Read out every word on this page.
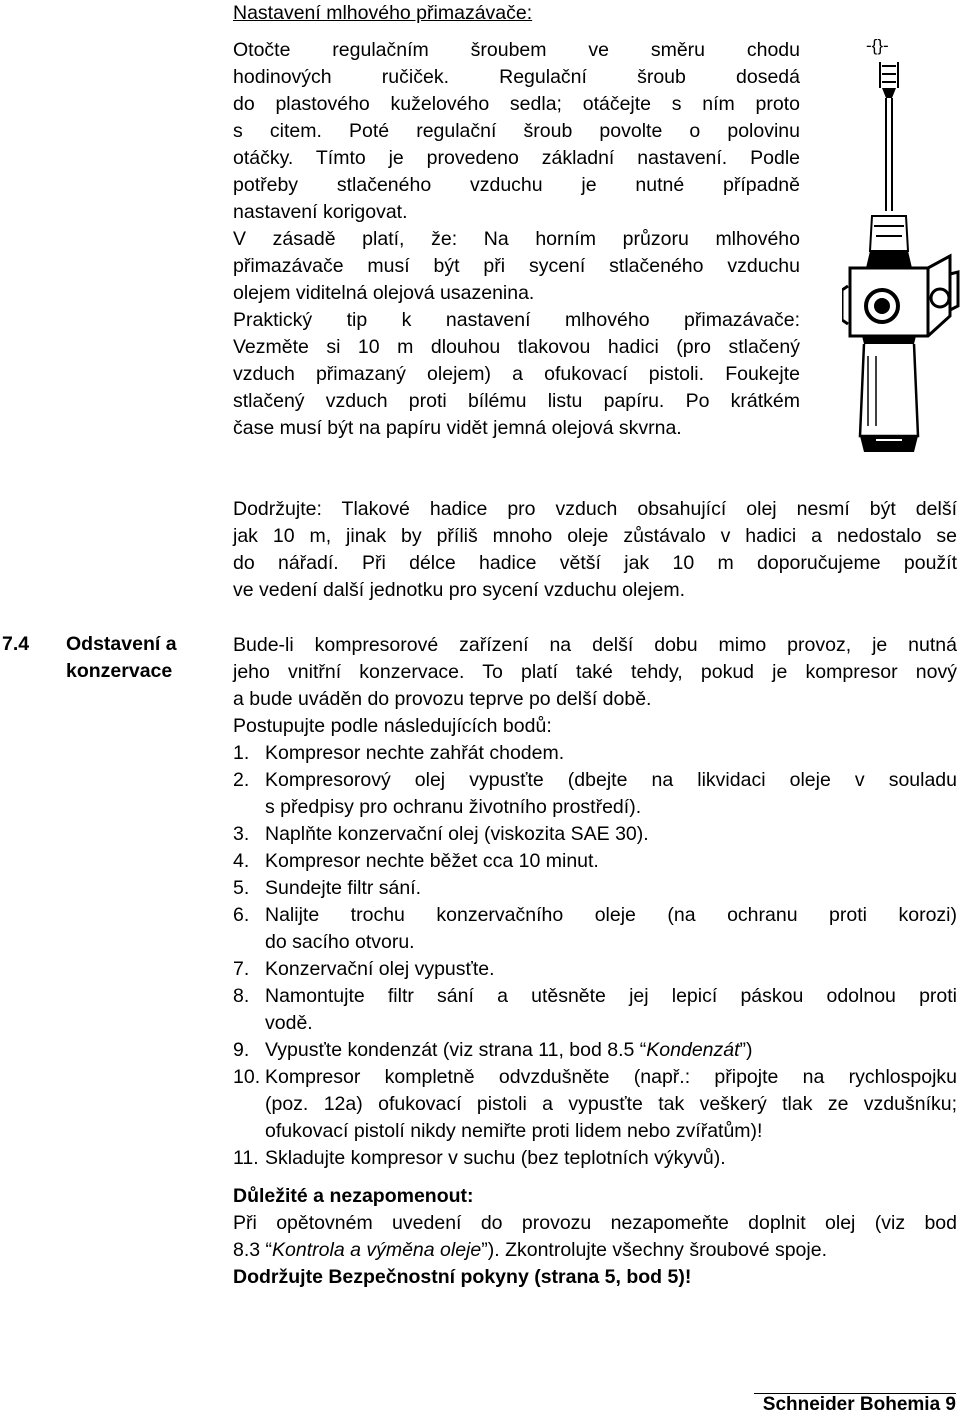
Nastavení mlhového přimazávače:
Otočte regulačním šroubem ve směru chodu
hodinových ručiček. Regulační šroub dosedá
do plastového kuželového sedla; otáčejte s ním proto
s citem. Poté regulační šroub povolte o polovinu
otáčky. Tímto je provedeno základní nastavení. Podle
potřeby stlačeného vzduchu je nutné případně
nastavení korigovat.
V zásadě platí, že: Na horním průzoru mlhového
přimazávače musí být při sycení stlačeného vzduchu
olejem viditelná olejová usazenina.
Praktický tip k nastavení mlhového přimazávače:
Vezměte si 10 m dlouhou tlakovou hadici (pro stlačený
vzduch přimazaný olejem) a ofukovací pistoli. Foukejte
stlačený vzduch proti bílému listu papíru. Po krátkém
čase musí být na papíru vidět jemná olejová skvrna.
-{}-
Dodržujte: Tlakové hadice pro vzduch obsahující olej nesmí být delší
jak 10 m, jinak by příliš mnoho oleje zůstávalo v hadici a nedostalo se
do nářadí. Při délce hadice větší jak 10 m doporučujeme použít
ve vedení další jednotku pro sycení vzduchu olejem.
7.4 Odstavení a
konzervace
Bude-li kompresorové zařízení na delší dobu mimo provoz, je nutná
jeho vnitřní konzervace. To platí také tehdy, pokud je kompresor nový
a bude uváděn do provozu teprve po delší době.
Postupujte podle následujících bodů:
1. Kompresor nechte zahřát chodem.
2. Kompresorový olej vypusťte (dbejte na likvidaci oleje v souladu
s předpisy pro ochranu životního prostředí).
3. Naplňte konzervační olej (viskozita SAE 30).
4. Kompresor nechte běžet cca 10 minut.
5. Sundejte filtr sání.
6. Nalijte trochu konzervačního oleje (na ochranu proti korozi)
do sacího otvoru.
7. Konzervační olej vypusťte.
8. Namontujte filtr sání a utěsněte jej lepicí páskou odolnou proti
vodě.
9. Vypusťte kondenzát (viz strana 11, bod 8.5 “Kondenzát”)
10. Kompresor kompletně odvzdušněte (např.: připojte na rychlospojku
(poz. 12a) ofukovací pistoli a vypusťte tak veškerý tlak ze vzdušníku;
ofukovací pistolí nikdy nemiřte proti lidem nebo zvířatům)!
11. Skladujte kompresor v suchu (bez teplotních výkyvů).
Důležité a nezapomenout:
Při opětovném uvedení do provozu nezapomeňte doplnit olej (viz bod
8.3 “Kontrola a výměna oleje”). Zkontrolujte všechny šroubové spoje.
Dodržujte Bezpečnostní pokyny (strana 5, bod 5)!
Schneider Bohemia 9
